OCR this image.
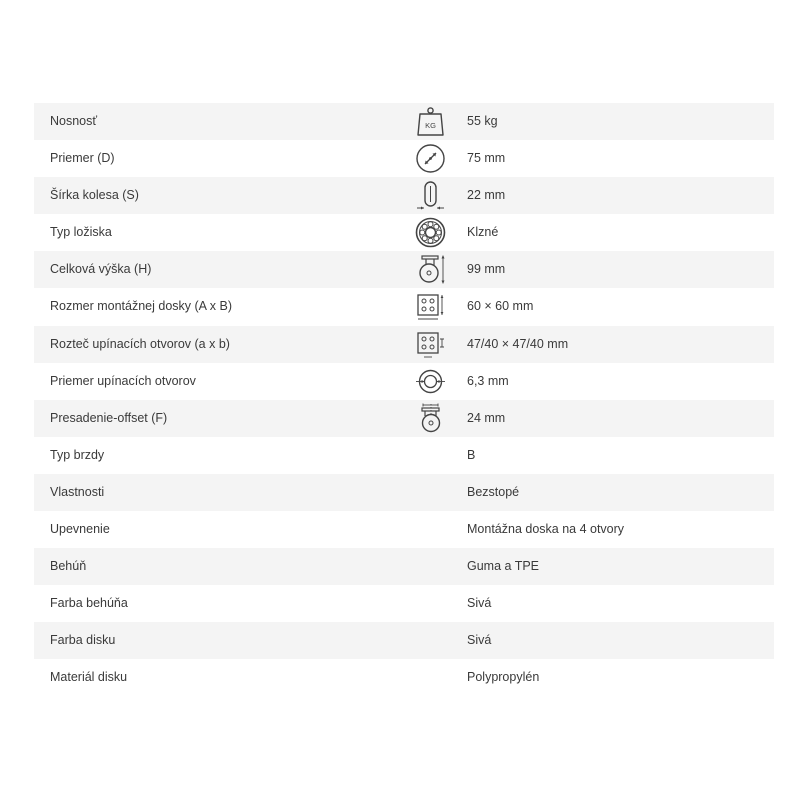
Nosnosť	KG 55 kg
Priemer (D)	75 mm
Šírka kolesa (S)	22 mm
Typ ložiska	Klzné
Celková výška (H)	99 mm
Rozmer montážnej dosky (A x B)	60 × 60 mm
Rozteč upínacích otvorov (a x b)	47/40 × 47/40 mm
Priemer upínacích otvorov	6,3 mm
Presadenie-offset (F)	24 mm
Typ brzdy	B
Vlastnosti	Bezstopé
Upevnenie	Montážna doska na 4 otvory
Behúň	Guma a TPE
Farba behúňa	Sivá
Farba disku	Sivá
Materiál disku	Polypropylén
